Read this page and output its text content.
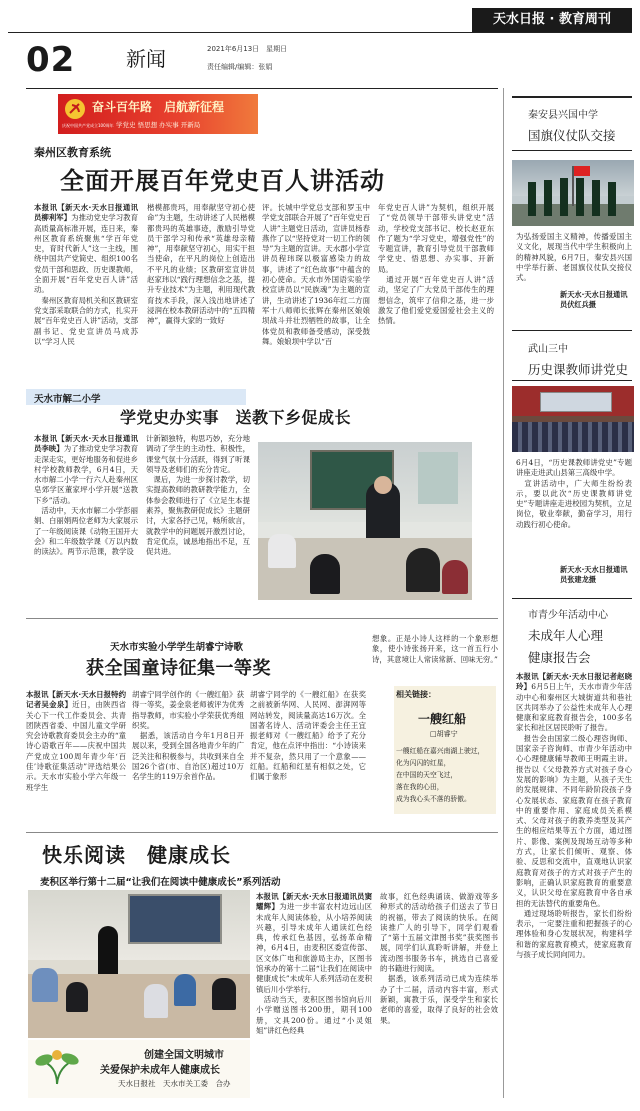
天水日报 · 教育周刊
02	新闻	2021年6月13日　星期日
责任编辑/编辑：张娟
奋斗百年路　启航新征程
学党史 悟思想 办实事 开新局
庆祝中国共产党成立100周年
秦州区教育系统
全面开展百年党史百人讲活动
本报讯【新天水·天水日报通讯员柳利军】为推动党史学习教育高质量高标准开展，连日来，秦州区教育系统聚焦“学百年党史，育时代新人”这一主线，围绕中国共产党简史、组织100名党员干部和思政、历史课教师，全面开展“百年党史百人讲”活动。
　秦州区教育局机关和区教研室党支部采取联合的方式，扎实开展“百年党史百人讲”活动，支部副书记、党史宣讲员马成苏以“学习人民
楷模都贵玛，用奉献坚守初心使命”为主题，生动讲述了人民楷模都贵玛的英雄事迹，激励引导党员干部学习和传承“英雄母亲精神”，用奉献坚守初心，用实干担当使命，在平凡的岗位上创造出不平凡的业绩；区教研室宣讲员赵家玮以“践行理想信念之基，提升专业技术”为主题，利用现代教育技术手段，深入浅出地讲述了浸润在校本教研活动中的“五四精神”，赢得大家的一致好
评。长城中学党总支部和罗玉中学党支部联合开展了“百年党史百人讲”主题党日活动，宣讲员杨春燕作了以“坚持党对一切工作的领导”为主题的宣讲。天水郡小学宣讲员程玮琛以极富感染力的故事，讲述了“红色故事”中蕴含的初心使命。天水市外国语实验学校宣讲员以“民族魂”为主题的宣讲，生动讲述了1936年红二方面军十八师师长张辉在秦州区娘娘坝战斗并壮烈牺牲的故事，让全体党员和教师备受感动，深受鼓舞。娘娘坝中学以“百
年党史百人讲”为契机，组织开展了“党员领导干部带头讲党史”活动，学校党支部书记、校长赵亚东作了题为“学习党史，增强党性”的专题宣讲，教育引导党员干部教师学党史、悟思想、办实事、开新局。
　通过开展“百年党史百人讲”活动，坚定了广大党员干部传生的理想信念，筑牢了信仰之基，进一步激发了他们爱党爱国爱社会主义的热情。
天水市解二小学
学党史办实事　送教下乡促成长
本报讯【新天水·天水日报通讯员李映】为了推动党史学习教育走深走实，更好地服务和促进乡村学校教师教学，6月4日，天水市解二小学一行六人赴秦州区皂郊学区董家坪小学开展“送教下乡”活动。
　活动中，天水市解二小学彭丽娟、白丽娟两位老师为大家展示了一年级阅读课《动物王国开大会》和二年级数学课《万以内数的读法》。两节示范课，教学设
计新颖独特，构思巧妙，充分地调动了学生的主动性、积极性，课堂气氛十分活跃，得到了听课领导及老师们的充分肯定。
　课后，为进一步探讨教学，切实提高教师的教研教学能力，全体参会教师进行了《立足生本提素养，聚焦教研促成长》主题研讨，大家各抒己见，畅所欲言，就教学中的问题展开激烈讨论，肯定优点，诚恳地指出不足，互促共进。
天水市实验小学学生胡睿宁诗歌
获全国童诗征集一等奖
本报讯【新天水·天水日报特约记者吴金泉】近日，由陕西省关心下一代工作委员会、共青团陕西省委、中国儿童文学研究会诗歌教育委员会主办的“童诗心语歌百年——庆祝中国共产党成立100周年青少年‘百佳’诗歌征集活动”评选结果公示。天水市实验小学六年级一班学生
胡睿宁同学创作的《一艘红船》获得一等奖，姜金泉老师被评为优秀指导教师，市实验小学荣获优秀组织奖。
　据悉，该活动自今年1月8日开展以来，受到全国各地青少年的广泛关注和积极参与，共收到来自全国26个省(市、自治区)超过10万名学生的119万余首作品。
胡睿宁同学的《一艘红船》在获奖之前被新华网、人民网、澎湃网等网站转发，阅读量高达16万次。全国著名诗人、活动评委会主任王宜振老师对《一艘红船》给予了充分肯定，他在点评中指出：“小诗读来并不复杂，然只用了一个意象——红船。红船和红星有相似之处，它们属于象形
想象。正是小诗人这样的一个象形想象，使小诗张扬开来，这一首五行小诗，其意境让人常读常新、回味无穷。”
相关链接：
一艘红船
□胡睿宁
一艘红船在嘉兴南湖上驶过，
化为闪闪的红星，
在中国的天空飞过，
落在我的心田，
成为我心头不落的骄傲。
快乐阅读　健康成长
麦积区举行第十二届“让我们在阅读中健康成长”系列活动
创建全国文明城市
关爱保护未成年人健康成长
天水日报社　天水市关工委　合办
本报讯【新天水·天水日报通讯员窦耀辉】为进一步丰富农村边远山区未成年人阅读体验，从小培养阅读兴趣，引导未成年人通读红色经典，传承红色基因，弘扬革命精神，6月4日，由麦积区委宣传部、区文体广电和旅游局主办，区图书馆承办的第十二届“让我们在阅读中健康成长”未成年人系列活动在麦积镇后川小学举行。
　活动当天，麦积区图书馆向后川小学赠送图书200册，期刊100册，文具200份。通过“小灵姐姐”讲红色经典
故事，红色经典诵读、做游戏等多种形式的活动给孩子们送去了节日的祝福，带去了阅读的快乐。在阅读推广人的引导下，同学们观看了“第十五届文津图书奖”获奖图书展，同学们认真聆听讲解，并登上流动图书服务书车，挑选自己喜爱的书籍进行阅读。
　据悉，该系列活动已成为连续举办了十二届，活动内容丰富，形式新颖，寓教于乐，深受学生和家长老师的喜爱，取得了良好的社会效果。
秦安县兴国中学
国旗仪仗队交接
为弘扬爱国主义精神，传播爱国主义文化，展现当代中学生积极向上的精神风貌，6月7日，秦安县兴国中学举行新、老国旗仪仗队交接仪式。
新天水·天水日报通讯员伏红兵摄
武山三中
历史课教师讲党史
6月4日，“历史课教师讲党史”专题讲座走进武山县第三高级中学。
　宣讲活动中，广大师生纷纷表示，要以此次“历史课教师讲党史”专题讲座走进校园为契机，立足岗位，敬业奉献，勤奋学习，用行动践行初心使命。
新天水·天水日报通讯员张建龙摄
市青少年活动中心
未成年人心理
健康报告会
本报讯【新天水·天水日报记者赵晓玲】6月5日上午，天水市青少年活动中心和秦州区大城街道共和巷社区共同举办了公益性未成年人心理健康和家庭教育报告会，100多名家长和社区居民聆听了报告。
　报告会由国家二级心理咨询师、国家亲子咨询师、市青少年活动中心心理健康辅导教师王明霞主讲。报告以《父母教养方式对孩子身心发展的影响》为主题，从孩子天生的发展规律、不同年龄阶段孩子身心发展状态、家庭教育在孩子教育中的重要作用、家庭成员关系模式、父母对孩子的教养类型及其产生的相应结果等五个方面，通过图片、影像、案例及现场互动等多种方式，让家长们倾听、观察、体验、反思和交流中，直观地认识家庭教育对孩子的方式对孩子产生的影响，正确认识家庭教育的重要意义，认识父母在家庭教育中各自承担的无法替代的重要角色。
　通过现场聆听报告，家长们纷纷表示，一定要注重和把握孩子的心理体验和身心发展状况，构建科学和谐的家庭教育模式，使家庭教育与孩子成长同向同力。
